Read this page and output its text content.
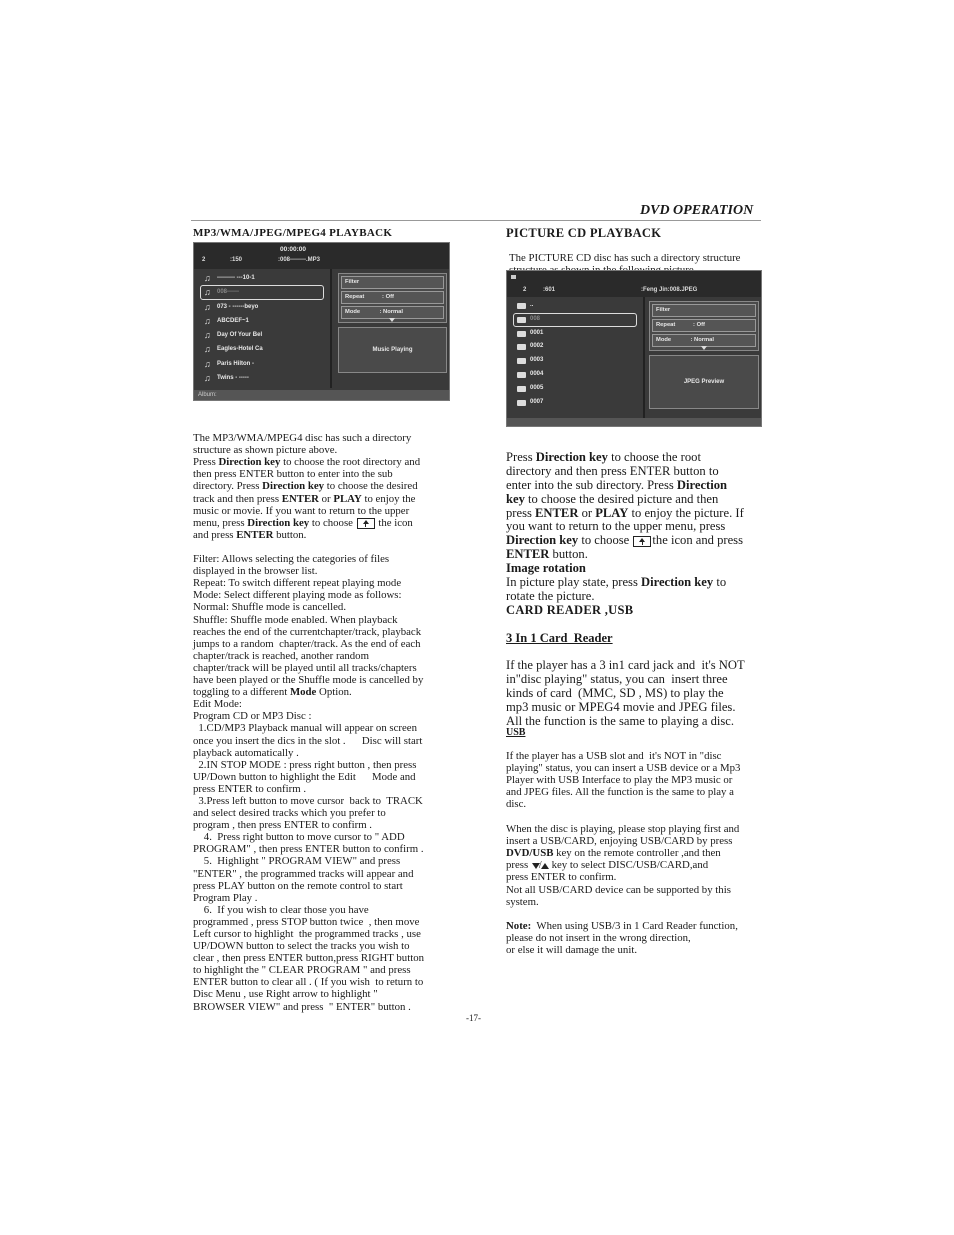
DVD OPERATION
MP3/WMA/JPEG/MPEG4 PLAYBACK
00:00:00
2	:150	:008--------.MP3
♫	--------- ---10-1
♫	008------
♫	073 - ------beyo
♫	ABCDEF~1
♫	Day Of Your Bel
♫	Eagles-Hotel Ca
♫	Paris Hilton -
♫	Twins - -----
Filter
Repeat           : Off
Mode            : Normal
Music Playing
Album:

The MP3/WMA/MPEG4 disc has such a directory
structure as shown picture above.
Press Direction key to choose the root directory and
then press ENTER button to enter into the sub
directory. Press Direction key to choose the desired
track and then press ENTER or PLAY to enjoy the
music or movie. If you want to return to the upper
menu, press Direction key to choose  the icon
and press ENTER button.

Filter: Allows selecting the categories of files
displayed in the browser list.
Repeat: To switch different repeat playing mode
Mode: Select different playing mode as follows:
Normal: Shuffle mode is cancelled.
Shuffle: Shuffle mode enabled. When playback
reaches the end of the currentchapter/track, playback
jumps to a random  chapter/track. As the end of each
chapter/track is reached, another random
chapter/track will be played until all tracks/chapters
have been played or the Shuffle mode is cancelled by
toggling to a different Mode Option.
Edit Mode:
Program CD or MP3 Disc :
1.CD/MP3 Playback manual will appear on screen
once you insert the dics in the slot .      Disc will start
playback automatically .
2.IN STOP MODE : press right button , then press
UP/Down button to highlight the Edit      Mode and
press ENTER to confirm .
3.Press left button to move cursor  back to  TRACK
and select desired tracks which you prefer to
program , then press ENTER to confirm .
4.  Press right button to move cursor to " ADD
PROGRAM" , then press ENTER button to confirm .
5.  Highlight " PROGRAM VIEW" and press
"ENTER" , the programmed tracks will appear and
press PLAY button on the remote control to start
Program Play .
6.  If you wish to clear those you have
programmed , press STOP button twice  , then move
Left cursor to highlight  the programmed tracks , use
UP/DOWN button to select the tracks you wish to
clear , then press ENTER button,press RIGHT button
to highlight the " CLEAR PROGRAM " and press
ENTER button to clear all . ( If you wish  to return to
Disc Menu , use Right arrow to highlight "
BROWSER VIEW" and press  " ENTER" button .
PICTURE CD PLAYBACK

The PICTURE CD disc has such a directory structure

2	:601	:Feng Jin:008.JPEG
..
008
0001
0002
0003
0004
0005
0007
Filter
Repeat           : Off
Mode            : Normal
JPEG Preview

Press Direction key to choose the root
directory and then press ENTER button to
enter into the sub directory. Press Direction
key to choose the desired picture and then
press ENTER or PLAY to enjoy the picture. If
you want to return to the upper menu, press
Direction key to choose the icon and press
ENTER button.
Image rotation
In picture play state, press Direction key to
rotate the picture.
CARD READER ,USB
3 In 1 Card  Reader

If the player has a 3 in1 card jack and  it's NOT
in"disc playing" status, you can  insert three
kinds of card  (MMC, SD , MS) to play the
mp3 music or MPEG4 movie and JPEG files.
All the function is the same to playing a disc.
USB

If the player has a USB slot and  it's NOT in "disc
playing" status, you can insert a USB device or a Mp3
Player with USB Interface to play the MP3 music or
and JPEG files. All the function is the same to play a
disc.

When the disc is playing, please stop playing first and
insert a USB/CARD, enjoying USB/CARD by press
DVD/USB key on the remote controller ,and then
press / key to select DISC/USB/CARD,and
press ENTER to confirm.
Not all USB/CARD device can be supported by this
system.

Note:  When using USB/3 in 1 Card Reader function,
please do not insert in the wrong direction,
or else it will damage the unit.
-17-
